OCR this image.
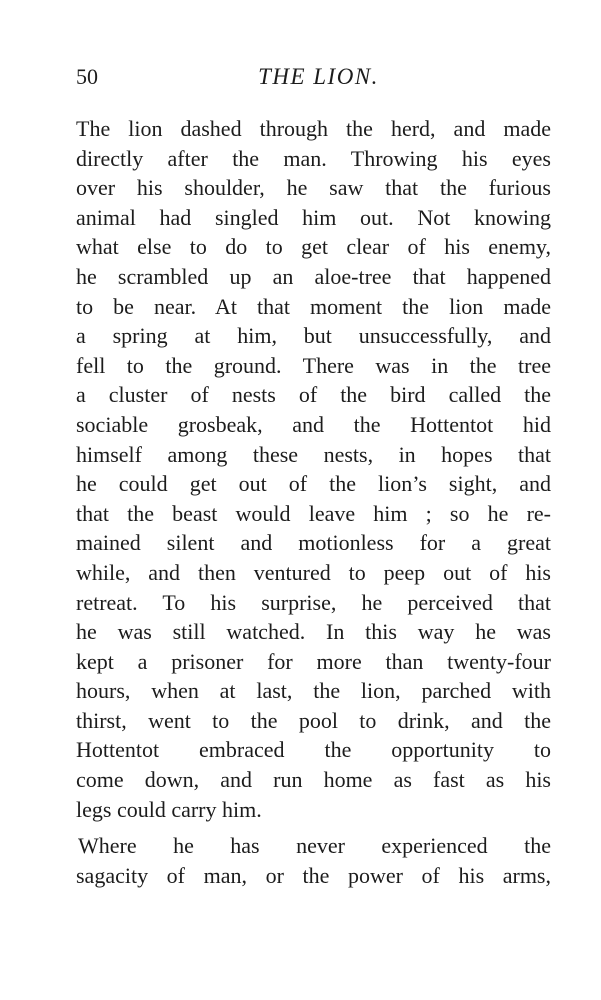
50	THE LION.
The lion dashed through the herd, and made
directly after the man. Throwing his eyes
over his shoulder, he saw that the furious
animal had singled him out. Not knowing
what else to do to get clear of his enemy,
he scrambled up an aloe-tree that happened
to be near. At that moment the lion made
a spring at him, but unsuccessfully, and
fell to the ground. There was in the tree
a cluster of nests of the bird called the
sociable grosbeak, and the Hottentot hid
himself among these nests, in hopes that
he could get out of the lion’s sight, and
that the beast would leave him ; so he re-
mained silent and motionless for a great
while, and then ventured to peep out of his
retreat. To his surprise, he perceived that
he was still watched. In this way he was
kept a prisoner for more than twenty-four
hours, when at last, the lion, parched with
thirst, went to the pool to drink, and the
Hottentot embraced the opportunity to
come down, and run home as fast as his
legs could carry him.
Where he has never experienced the
sagacity of man, or the power of his arms,
